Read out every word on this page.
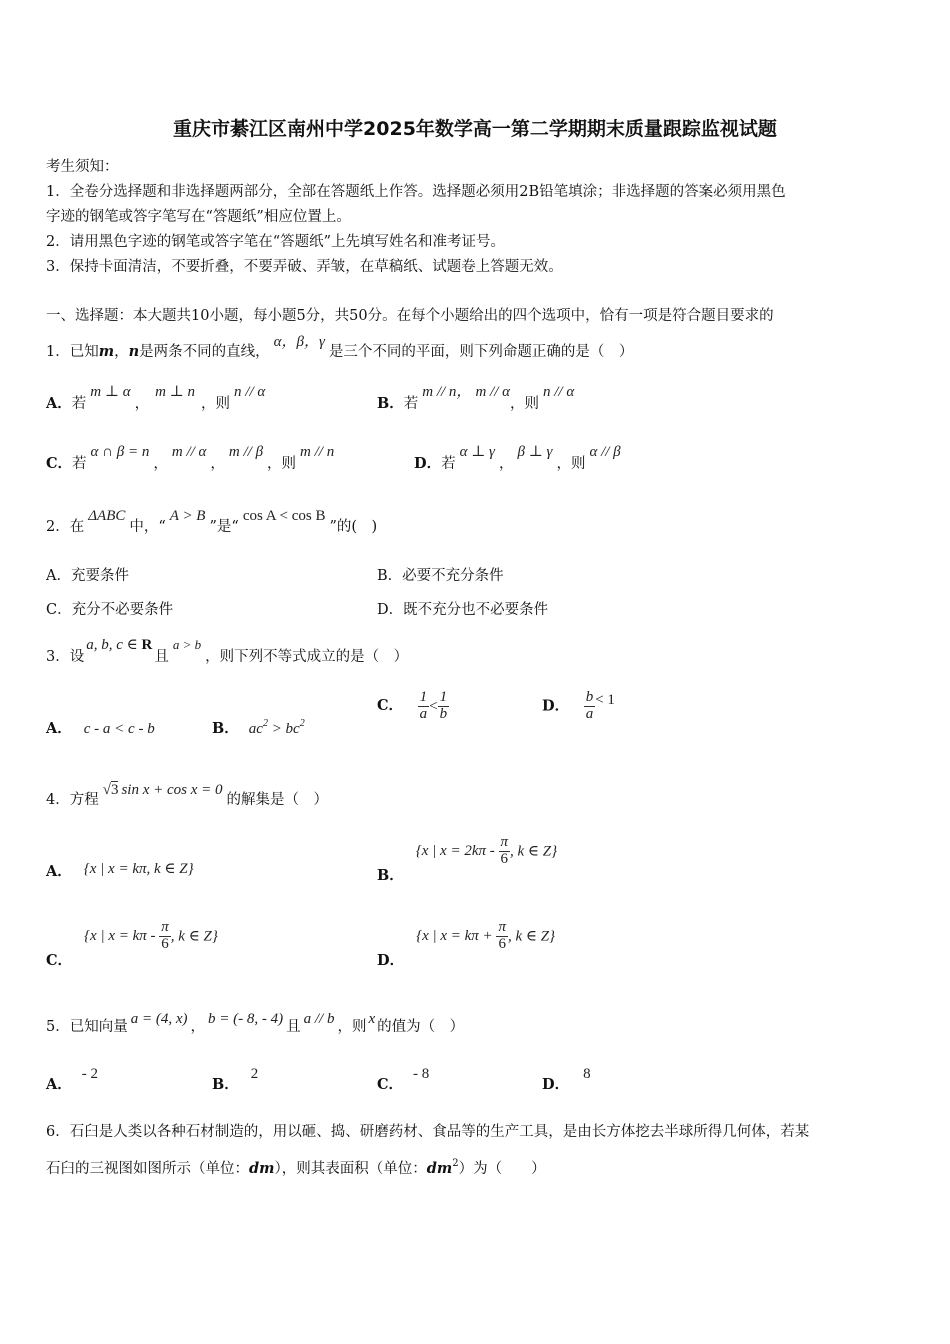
重庆市綦江区南州中学2025年数学高一第二学期期末质量跟踪监视试题
考生须知：
1．全卷分选择题和非选择题两部分，全部在答题纸上作答。选择题必须用2B铅笔填涂；非选择题的答案必须用黑色
字迹的钢笔或答字笔写在“答题纸”相应位置上。
2．请用黑色字迹的钢笔或答字笔在“答题纸”上先填写姓名和准考证号。
3．保持卡面清洁，不要折叠，不要弄破、弄皱，在草稿纸、试题卷上答题无效。
一、选择题：本大题共10小题，每小题5分，共50分。在每个小题给出的四个选项中，恰有一项是符合题目要求的
1．已知m，n是两条不同的直线，α，β，γ是三个不同的平面，则下列命题正确的是（　）
A．若m ⊥ α，m ⊥ n，则n // α
B．若m // n， m // α，则n // α
C．若α ∩ β = n，m // α，m // β，则m // n
D．若α ⊥ γ，β ⊥ γ，则α // β
2．在ΔABC中，“A > B”是“cos A < cos B”的(　)
A．充要条件	B．必要不充分条件
C．充分不必要条件	D．既不充分也不必要条件
3．设a, b, c ∈ R且a > b，则下列不等式成立的是（　）
A． c - a < c - b	B． $ac^2 > bc^2$
C． $\frac{1}{a} < \frac{1}{b}$	D． $\frac{b}{a} < 1$
4．方程√3 sin x + cos x = 0的解集是（　）
A． {x | x = kπ, k ∈ Z}	B．{x | $x = 2k\pi - \frac{\pi}{6}$ , k ∈ Z}
C．{x | $x = k\pi - \frac{\pi}{6}$ , k ∈ Z}
D．{x | $x = k\pi + \frac{\pi}{6}$ , k ∈ Z}
5．已知向量 a = (4, x) ， b = (- 8, - 4) 且 a // b ，则 x 的值为（　）
A．- 2
B．2
C．- 8
D．8
6．石臼是人类以各种石材制造的，用以砸、捣、研磨药材、食品等的生产工具，是由长方体挖去半球所得几何体，若某
石臼的三视图如图所示（单位：dm），则其表面积（单位：$dm^2$）为（　　）
